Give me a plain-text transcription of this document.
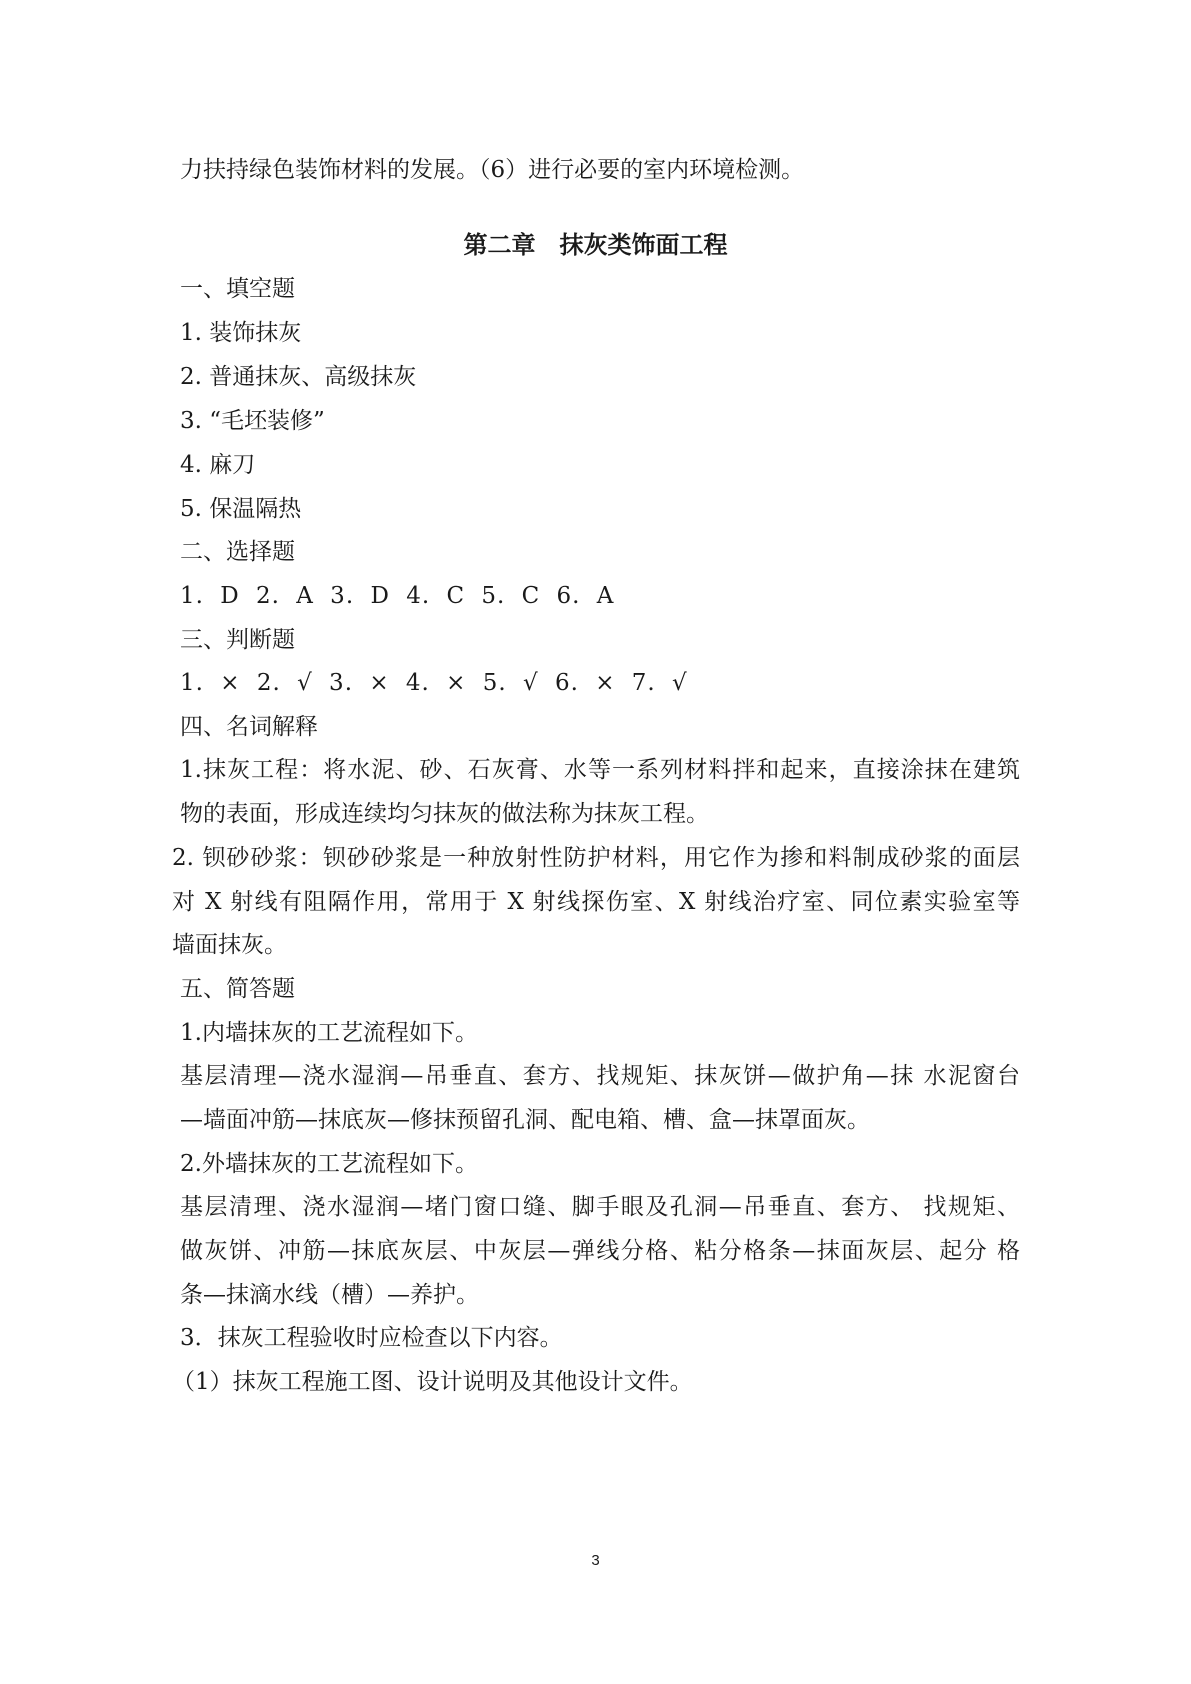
力扶持绿色装饰材料的发展。（6）进行必要的室内环境检测。
第二章　抹灰类饰面工程
一、填空题
1. 装饰抹灰
2. 普通抹灰、高级抹灰
3. “毛坯装修”
4. 麻刀
5. 保温隔热
二、选择题
1. D 2. A 3. D 4. C 5. C 6. A
三、判断题
1. × 2. √ 3. × 4. × 5. √ 6. × 7. √
四、名词解释
1.抹灰工程：将水泥、砂、石灰膏、水等一系列材料拌和起来，直接涂抹在建筑
物的表面，形成连续均匀抹灰的做法称为抹灰工程。
2. 钡砂砂浆：钡砂砂浆是一种放射性防护材料，用它作为掺和料制成砂浆的面层
对 X 射线有阻隔作用，常用于 X 射线探伤室、X 射线治疗室、同位素实验室等
墙面抹灰。
五、简答题
1.内墙抹灰的工艺流程如下。
基层清理—浇水湿润—吊垂直、套方、找规矩、抹灰饼—做护角—抹 水泥窗台
—墙面冲筋—抹底灰—修抹预留孔洞、配电箱、槽、盒—抹罩面灰。
2.外墙抹灰的工艺流程如下。
基层清理、浇水湿润—堵门窗口缝、脚手眼及孔洞—吊垂直、套方、 找规矩、
做灰饼、冲筋—抹底灰层、中灰层—弹线分格、粘分格条—抹面灰层、起分 格
条—抹滴水线（槽）—养护。
3．抹灰工程验收时应检查以下内容。
（1）抹灰工程施工图、设计说明及其他设计文件。
3
